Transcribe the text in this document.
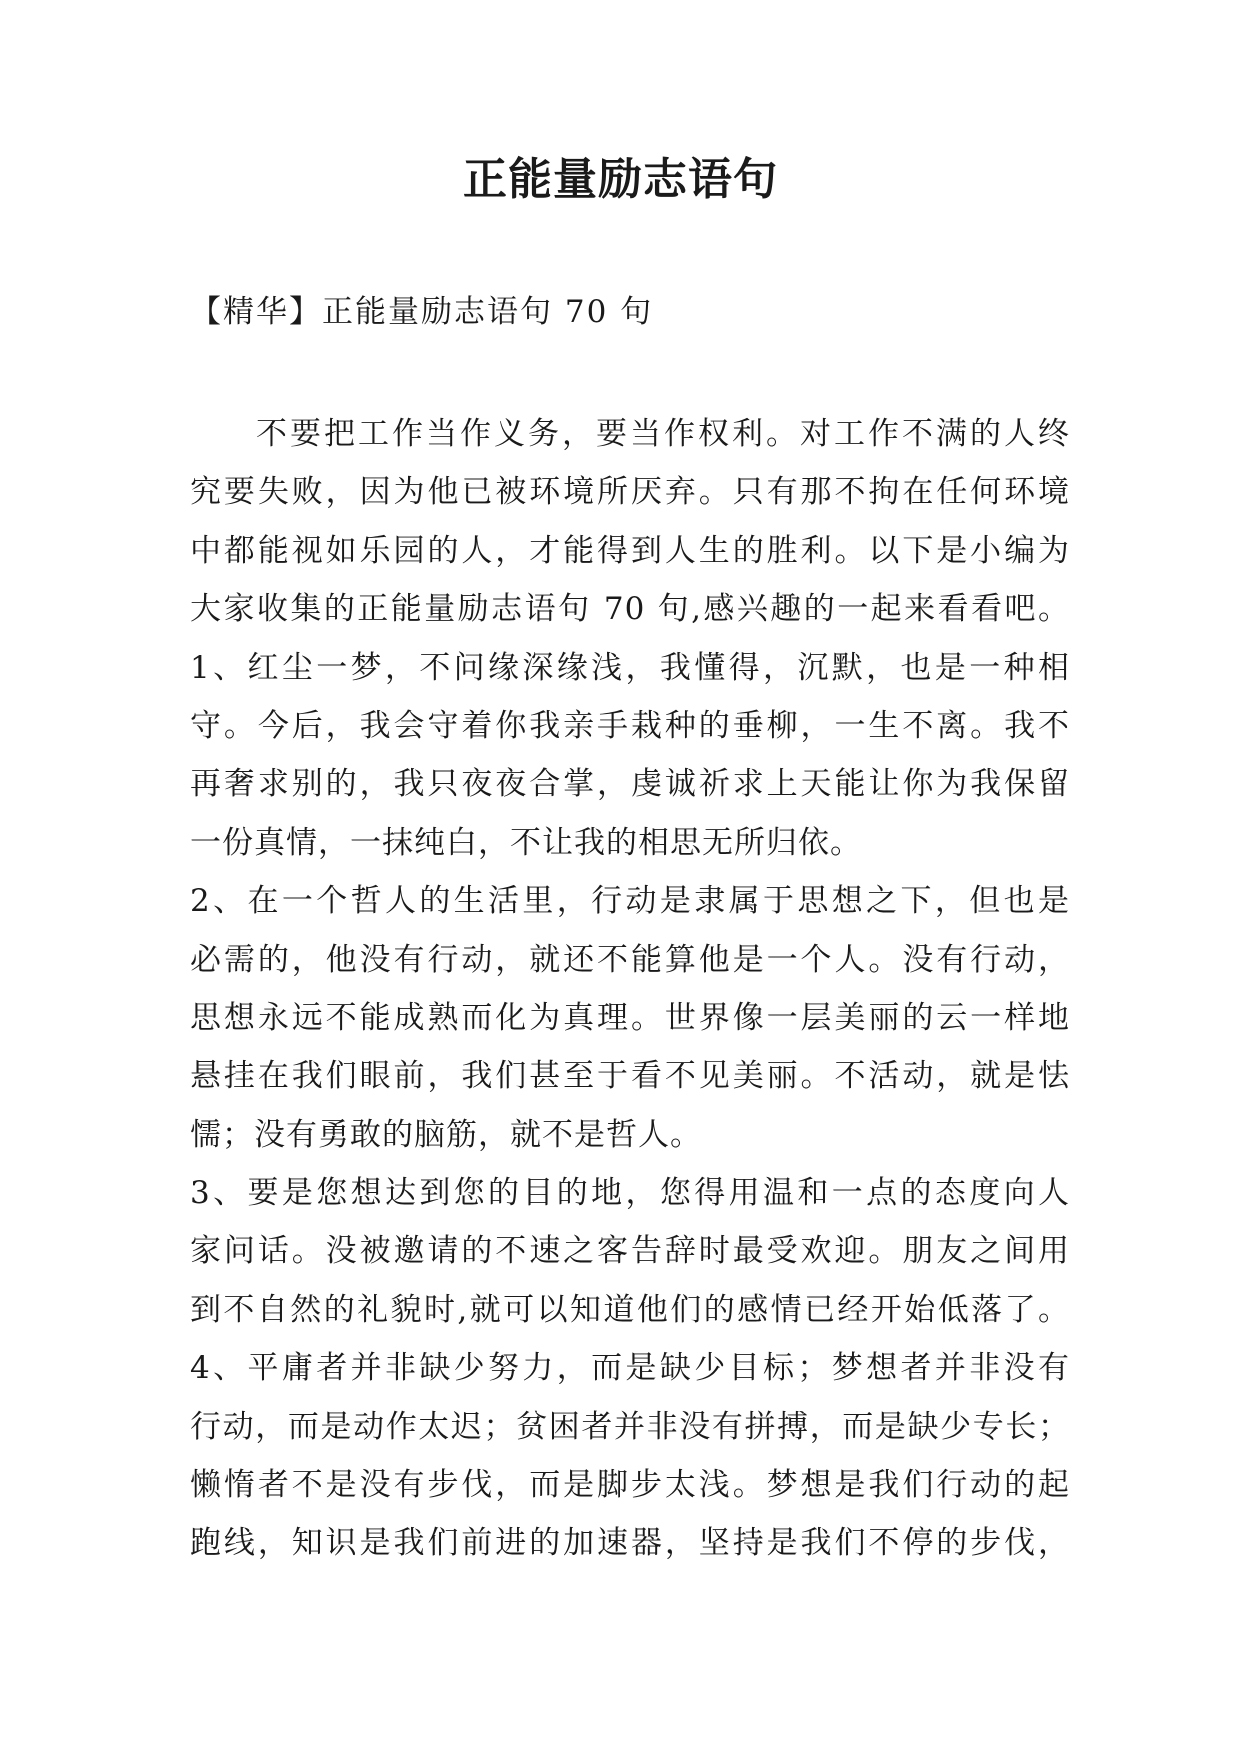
正能量励志语句
【精华】正能量励志语句 70 句
不要把工作当作义务，要当作权利。对工作不满的人终
究要失败，因为他已被环境所厌弃。只有那不拘在任何环境
中都能视如乐园的人，才能得到人生的胜利。以下是小编为
大家收集的正能量励志语句 70 句,感兴趣的一起来看看吧。
1、红尘一梦，不问缘深缘浅，我懂得，沉默，也是一种相
守。今后，我会守着你我亲手栽种的垂柳，一生不离。我不
再奢求别的，我只夜夜合掌，虔诚祈求上天能让你为我保留
一份真情，一抹纯白，不让我的相思无所归依。
2、在一个哲人的生活里，行动是隶属于思想之下，但也是
必需的，他没有行动，就还不能算他是一个人。没有行动，
思想永远不能成熟而化为真理。世界像一层美丽的云一样地
悬挂在我们眼前，我们甚至于看不见美丽。不活动，就是怯
懦；没有勇敢的脑筋，就不是哲人。
3、要是您想达到您的目的地，您得用温和一点的态度向人
家问话。没被邀请的不速之客告辞时最受欢迎。朋友之间用
到不自然的礼貌时,就可以知道他们的感情已经开始低落了。
4、平庸者并非缺少努力，而是缺少目标；梦想者并非没有
行动，而是动作太迟；贫困者并非没有拼搏，而是缺少专长；
懒惰者不是没有步伐，而是脚步太浅。梦想是我们行动的起
跑线，知识是我们前进的加速器，坚持是我们不停的步伐，
